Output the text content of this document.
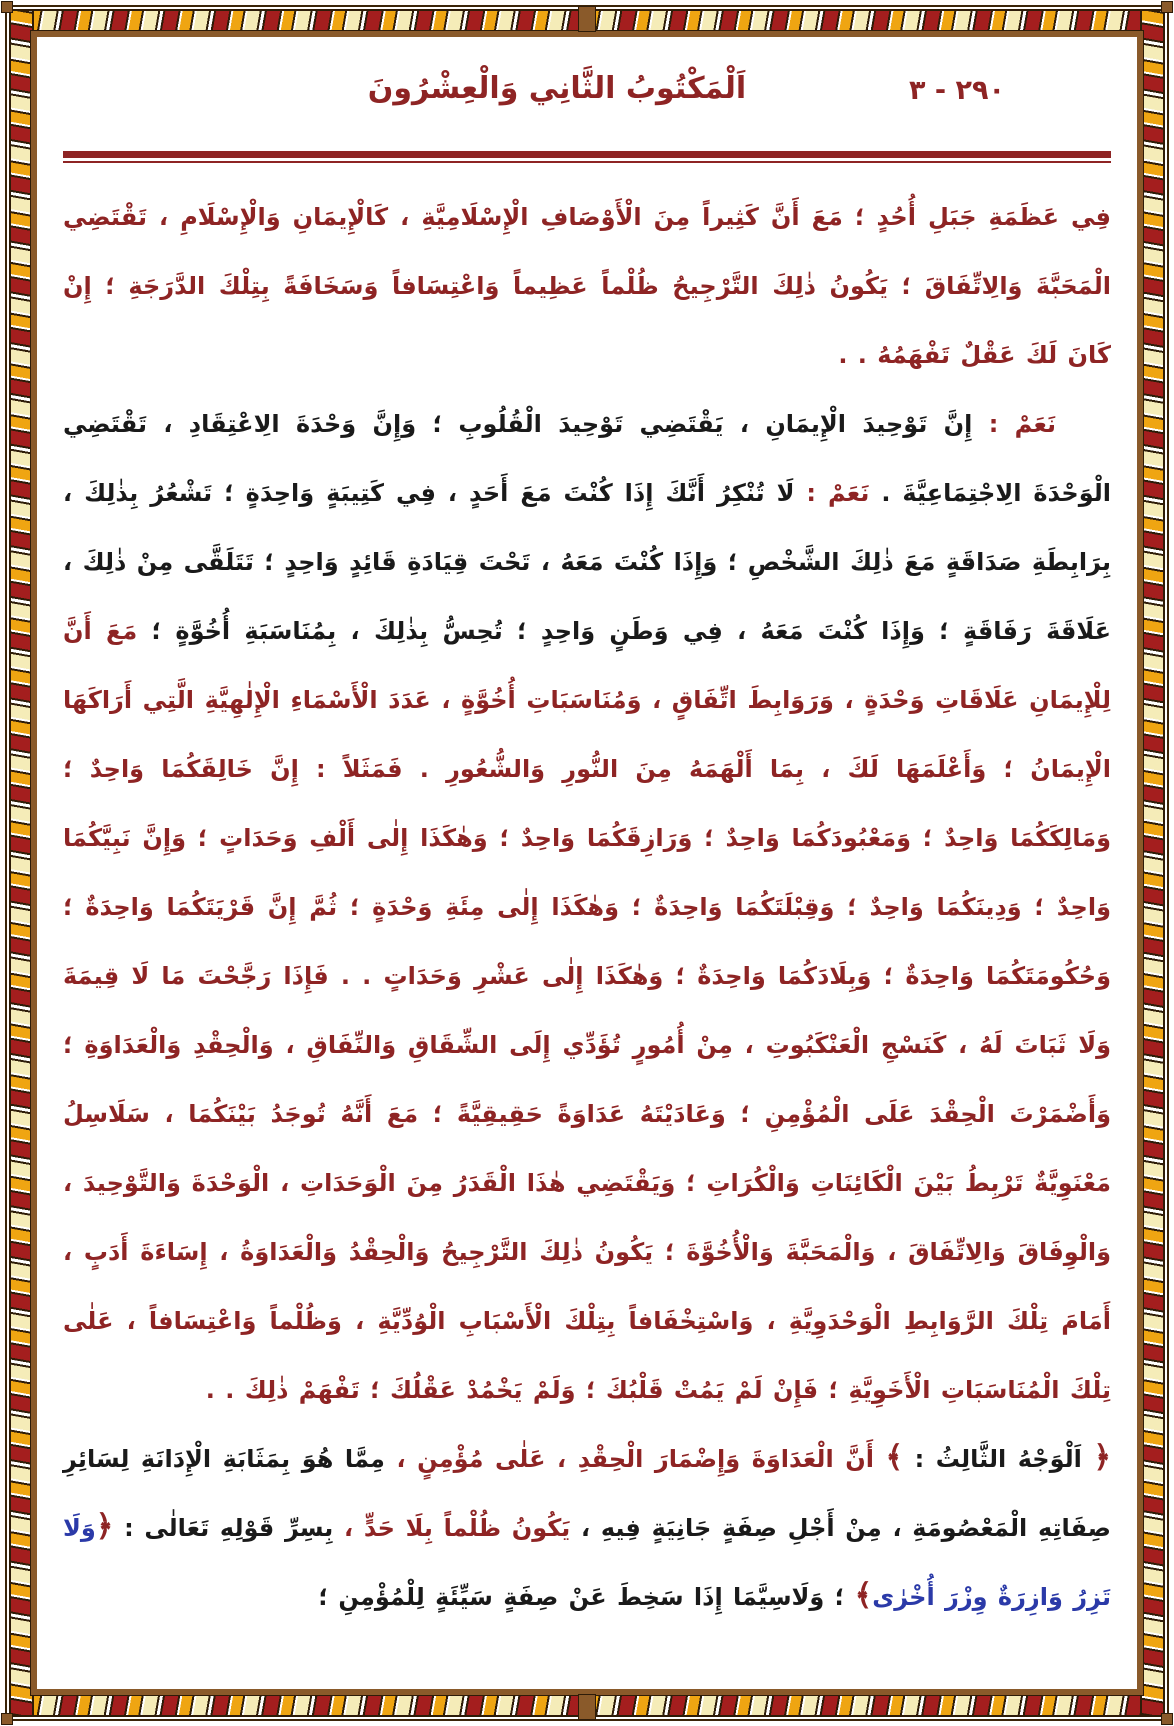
٢٩٠ - ٣
اَلْمَكْتُوبُ الثَّانِي وَالْعِشْرُونَ

فِي عَظَمَةِ جَبَلِ أُحُدٍ ؛ مَعَ أَنَّ كَثِيراً مِنَ الْأَوْصَافِ الْإِسْلَامِيَّةِ ، كَالْإِيمَانِ وَالْإِسْلَامِ ، تَقْتَضِي الْمَحَبَّةَ وَالِاتِّفَاقَ ؛ يَكُونُ ذٰلِكَ التَّرْجِيحُ ظُلْماً عَظِيماً وَاعْتِسَافاً وَسَخَافَةً بِتِلْكَ الدَّرَجَةِ ؛ إِنْ كَانَ لَكَ عَقْلٌ تَفْهَمُهُ . .

نَعَمْ : إِنَّ تَوْحِيدَ الْإِيمَانِ ، يَقْتَضِي تَوْحِيدَ الْقُلُوبِ ؛ وَإِنَّ وَحْدَةَ الِاعْتِقَادِ ، تَقْتَضِي الْوَحْدَةَ الِاجْتِمَاعِيَّةَ . نَعَمْ : لَا تُنْكِرُ أَنَّكَ إِذَا كُنْتَ مَعَ أَحَدٍ ، فِي كَتِيبَةٍ وَاحِدَةٍ ؛ تَشْعُرُ بِذٰلِكَ ، بِرَابِطَةِ صَدَاقَةٍ مَعَ ذٰلِكَ الشَّخْصِ ؛ وَإِذَا كُنْتَ مَعَهُ ، تَحْتَ قِيَادَةِ قَائِدٍ وَاحِدٍ ؛ تَتَلَقَّى مِنْ ذٰلِكَ ، عَلَاقَةَ رَفَاقَةٍ ؛ وَإِذَا كُنْتَ مَعَهُ ، فِي وَطَنٍ وَاحِدٍ ؛ تُحِسُّ بِذٰلِكَ ، بِمُنَاسَبَةِ أُخُوَّةٍ ؛ مَعَ أَنَّ لِلْإِيمَانِ عَلَاقَاتِ وَحْدَةٍ ، وَرَوَابِطَ اتِّفَاقٍ ، وَمُنَاسَبَاتِ أُخُوَّةٍ ، عَدَدَ الْأَسْمَاءِ الْإِلٰهِيَّةِ الَّتِي أَرَاكَهَا الْإِيمَانُ ؛ وَأَعْلَمَهَا لَكَ ، بِمَا أَلْهَمَهُ مِنَ النُّورِ وَالشُّعُورِ . فَمَثَلاً : إِنَّ خَالِقَكُمَا وَاحِدٌ ؛ وَمَالِكَكُمَا وَاحِدٌ ؛ وَمَعْبُودَكُمَا وَاحِدٌ ؛ وَرَازِقَكُمَا وَاحِدٌ ؛ وَهٰكَذَا إِلٰى أَلْفِ وَحَدَاتٍ ؛ وَإِنَّ نَبِيَّكُمَا وَاحِدٌ ؛ وَدِينَكُمَا وَاحِدٌ ؛ وَقِبْلَتَكُمَا وَاحِدَةٌ ؛ وَهٰكَذَا إِلٰى مِئَةِ وَحْدَةٍ ؛ ثُمَّ إِنَّ قَرْيَتَكُمَا وَاحِدَةٌ ؛ وَحُكُومَتَكُمَا وَاحِدَةٌ ؛ وَبِلَادَكُمَا وَاحِدَةٌ ؛ وَهٰكَذَا إِلٰى عَشْرِ وَحَدَاتٍ . . فَإِذَا رَجَّحْتَ مَا لَا قِيمَةَ وَلَا ثَبَاتَ لَهُ ، كَنَسْجِ الْعَنْكَبُوتِ ، مِنْ أُمُورٍ تُؤَدِّي إِلَى الشِّقَاقِ وَالنِّفَاقِ ، وَالْحِقْدِ وَالْعَدَاوَةِ ؛ وَأَضْمَرْتَ الْحِقْدَ عَلَى الْمُؤْمِنِ ؛ وَعَادَيْتَهُ عَدَاوَةً حَقِيقِيَّةً ؛ مَعَ أَنَّهُ تُوجَدُ بَيْنَكُمَا ، سَلَاسِلُ مَعْنَوِيَّةٌ تَرْبِطُ بَيْنَ الْكَائِنَاتِ وَالْكُرَاتِ ؛ وَيَقْتَضِي هٰذَا الْقَدَرُ مِنَ الْوَحَدَاتِ ، الْوَحْدَةَ وَالتَّوْحِيدَ ، وَالْوِفَاقَ وَالِاتِّفَاقَ ، وَالْمَحَبَّةَ وَالْأُخُوَّةَ ؛ يَكُونُ ذٰلِكَ التَّرْجِيحُ وَالْحِقْدُ وَالْعَدَاوَةُ ، إِسَاءَةَ أَدَبٍ ، أَمَامَ تِلْكَ الرَّوَابِطِ الْوَحْدَوِيَّةِ ، وَاسْتِخْفَافاً بِتِلْكَ الْأَسْبَابِ الْوُدِّيَّةِ ، وَظُلْماً وَاعْتِسَافاً ، عَلٰى تِلْكَ الْمُنَاسَبَاتِ الْأَخَوِيَّةِ ؛ فَإِنْ لَمْ يَمُتْ قَلْبُكَ ؛ وَلَمْ يَخْمُدْ عَقْلُكَ ؛ تَفْهَمْ ذٰلِكَ . .

﴿ اَلْوَجْهُ الثَّالِثُ : ﴾ أَنَّ الْعَدَاوَةَ وَإِضْمَارَ الْحِقْدِ ، عَلٰى مُؤْمِنٍ ، مِمَّا هُوَ بِمَثَابَةِ الْإِدَانَةِ لِسَائِرِ صِفَاتِهِ الْمَعْصُومَةِ ، مِنْ أَجْلِ صِفَةٍ جَانِيَةٍ فِيهِ ، يَكُونُ ظُلْماً بِلَا حَدٍّ ، بِسِرِّ قَوْلِهِ تَعَالٰى : ﴿وَلَا تَزِرُ وَازِرَةٌ وِزْرَ أُخْرٰى﴾ ؛ وَلَاسِيَّمَا إِذَا سَخِطَ عَنْ صِفَةٍ سَيِّئَةٍ لِلْمُؤْمِنِ ؛
